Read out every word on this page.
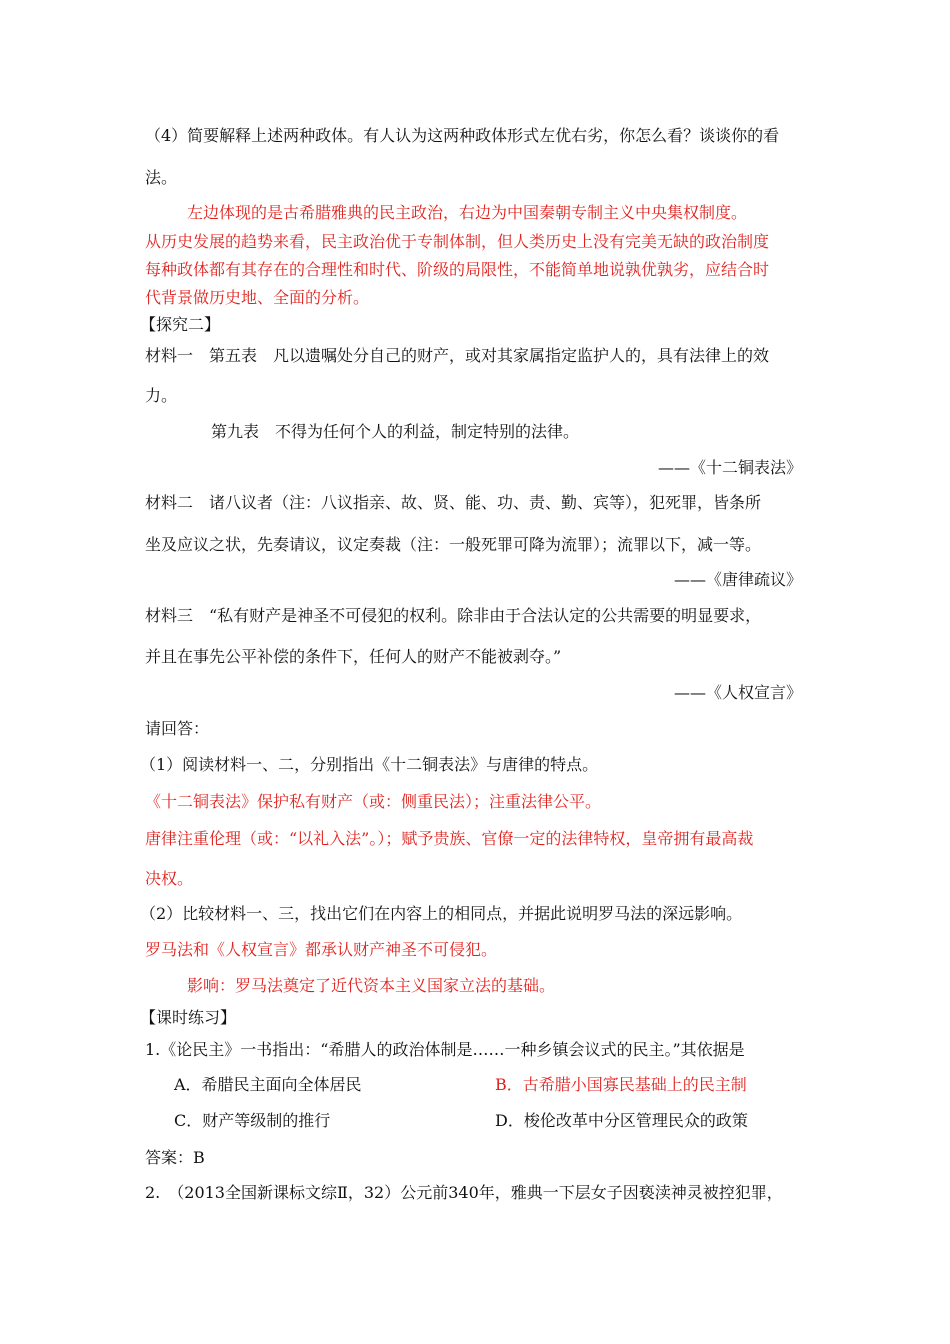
（4）简要解释上述两种政体。有人认为这两种政体形式左优右劣，你怎么看？谈谈你的看
法。
左边体现的是古希腊雅典的民主政治，右边为中国秦朝专制主义中央集权制度。
从历史发展的趋势来看，民主政治优于专制体制，但人类历史上没有完美无缺的政治制度
每种政体都有其存在的合理性和时代、阶级的局限性，不能简单地说孰优孰劣，应结合时
代背景做历史地、全面的分析。
【探究二】
材料一　第五表　凡以遗嘱处分自己的财产，或对其家属指定监护人的，具有法律上的效
力。
第九表　不得为任何个人的利益，制定特别的法律。
——《十二铜表法》
材料二　诸八议者（注：八议指亲、故、贤、能、功、责、勤、宾等），犯死罪，皆条所
坐及应议之状，先奏请议，议定奏裁（注：一般死罪可降为流罪）；流罪以下，减一等。
——《唐律疏议》
材料三　“私有财产是神圣不可侵犯的权利。除非由于合法认定的公共需要的明显要求，
并且在事先公平补偿的条件下，任何人的财产不能被剥夺。”
——《人权宣言》
请回答：
（1）阅读材料一、二，分别指出《十二铜表法》与唐律的特点。
《十二铜表法》保护私有财产（或：侧重民法）；注重法律公平。
唐律注重伦理（或：“以礼入法”。）；赋予贵族、官僚一定的法律特权，皇帝拥有最高裁
决权。
（2）比较材料一、三，找出它们在内容上的相同点，并据此说明罗马法的深远影响。
罗马法和《人权宣言》都承认财产神圣不可侵犯。
影响：罗马法奠定了近代资本主义国家立法的基础。
【课时练习】
1.《论民主》一书指出：“希腊人的政治体制是……一种乡镇会议式的民主。”其依据是
A．希腊民主面向全体居民	B．古希腊小国寡民基础上的民主制
C．财产等级制的推行	D．梭伦改革中分区管理民众的政策
答案：B
2.　（2013全国新课标文综Ⅱ，32）公元前340年，雅典一下层女子因亵渎神灵被控犯罪，
